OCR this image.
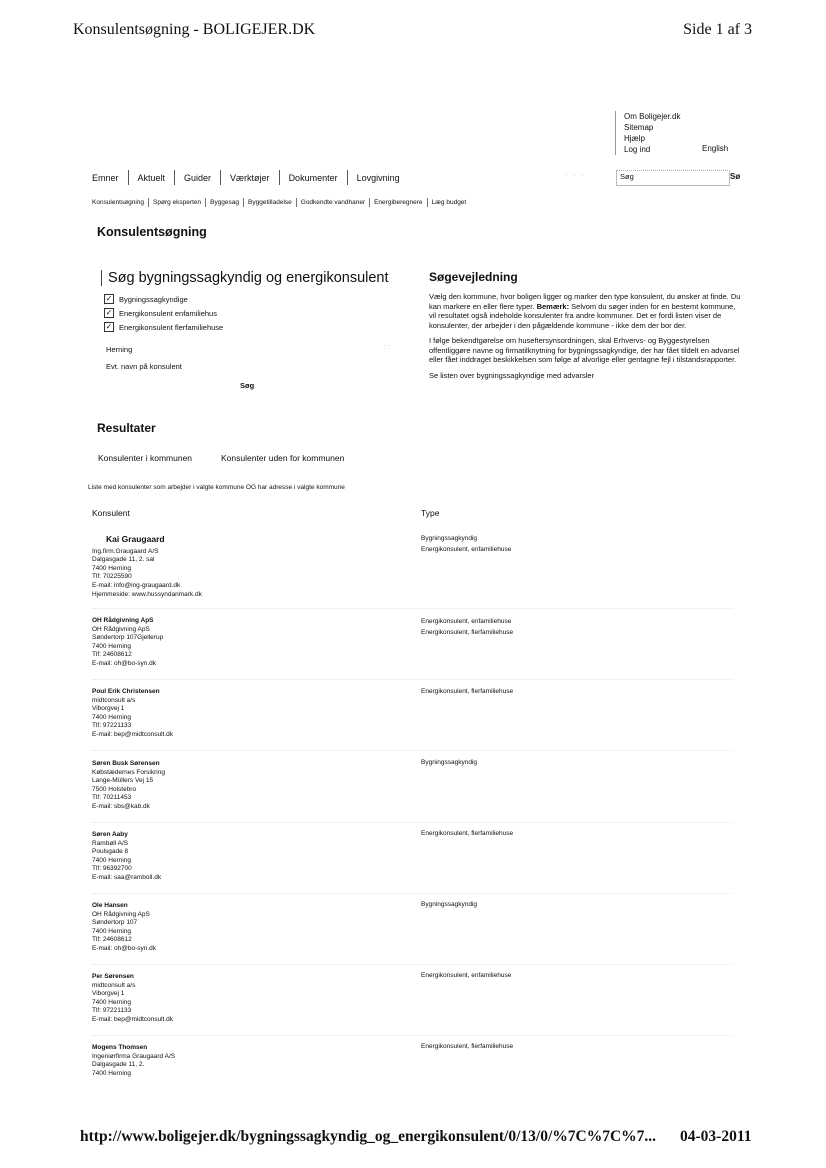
Konsulentsøgning - BOLIGEJER.DK	Side 1 af 3
Om Boligejer.dk
Sitemap
Hjælp
Log ind	English
Emner	Aktuelt	Guider	Værktøjer	Dokumenter	Lovgivning	· · ·	Søg	Sø
Konsulentsøgning	Spørg eksperten	Byggesag	Byggetilladelse	Godkendte vandhaner	Energiberegnere	Læg budget
Konsulentsøgning
Søg bygningssagkyndig og energikonsulent
✓ Bygningssagkyndige
✓ Energikonsulent enfamiliehus
✓ Energikonsulent flerfamiliehuse
Herning	: :
Evt. navn på konsulent
Søg
Søgevejledning

Vælg den kommune, hvor boligen ligger og marker den type konsulent, du ønsker at finde. Du kan markere en eller flere typer. Bemærk: Selvom du søger inden for en bestemt kommune, vil resultatet også indeholde konsulenter fra andre kommuner. Det er fordi listen viser de konsulenter, der arbejder i den pågældende kommune - ikke dem der bor der.

I følge bekendtgørelse om huseftersynsordningen, skal Erhvervs- og Byggestyrelsen offentliggøre navne og firmatilknytning for bygningssagkyndige, der har fået tildelt en advarsel eller fået inddraget beskikkelsen som følge af alvorlige eller gentagne fejl i tilstandsrapporter.

Se listen over bygningssagkyndige med advarsler

Resultater
Konsulenter i kommunen	Konsulenter uden for kommunen
Liste med konsulenter som arbejder i valgte kommune OG har adresse i valgte kommune
Konsulent	Type
Kai Graugaard
Ing.firm.Graugaard A/S
Dalgasgade 11, 2. sal
7400 Herning
Tlf: 70225590
E-mail: info@ing-graugaard.dk
Hjemmeside: www.hussyndanmark.dk
Bygningssagkyndig
Energikonsulent, enfamiliehuse
OH Rådgivning ApS
OH Rådgivning ApS
Søndertorp 107Gjellerup
7400 Herning
Tlf: 24608612
E-mail: oh@bo-syn.dk
Energikonsulent, enfamiliehuse
Energikonsulent, flerfamiliehuse
Poul Erik Christensen
midtconsult a/s
Viborgvej 1
7400 Herning
Tlf: 97221133
E-mail: bep@midtconsult.dk
Energikonsulent, flerfamiliehuse
Søren Busk Sørensen
Købstædernes Forsikring
Lange-Müllers Vej 15
7500 Holstebro
Tlf: 70211453
E-mail: sbs@kab.dk
Bygningssagkyndig
Søren Aaby
Rambøll A/S
Poulsgade 8
7400 Herning
Tlf: 96392700
E-mail: saa@ramboll.dk
Energikonsulent, flerfamiliehuse
Ole Hansen
OH Rådgivning ApS
Søndertorp 107
7400 Herning
Tlf: 24608612
E-mail: oh@bo-syn.dk
Bygningssagkyndig
Per Sørensen
midtconsult a/s
Viborgvej 1
7400 Herning
Tlf: 97221133
E-mail: bep@midtconsult.dk
Energikonsulent, enfamiliehuse
Mogens Thomsen
Ingeniørfirma Graugaard A/S
Dalgasgade 11, 2.
7400 Herning
Energikonsulent, flerfamiliehuse
http://www.boligejer.dk/bygningssagkyndig_og_energikonsulent/0/13/0/%7C%7C%7... 04-03-2011
